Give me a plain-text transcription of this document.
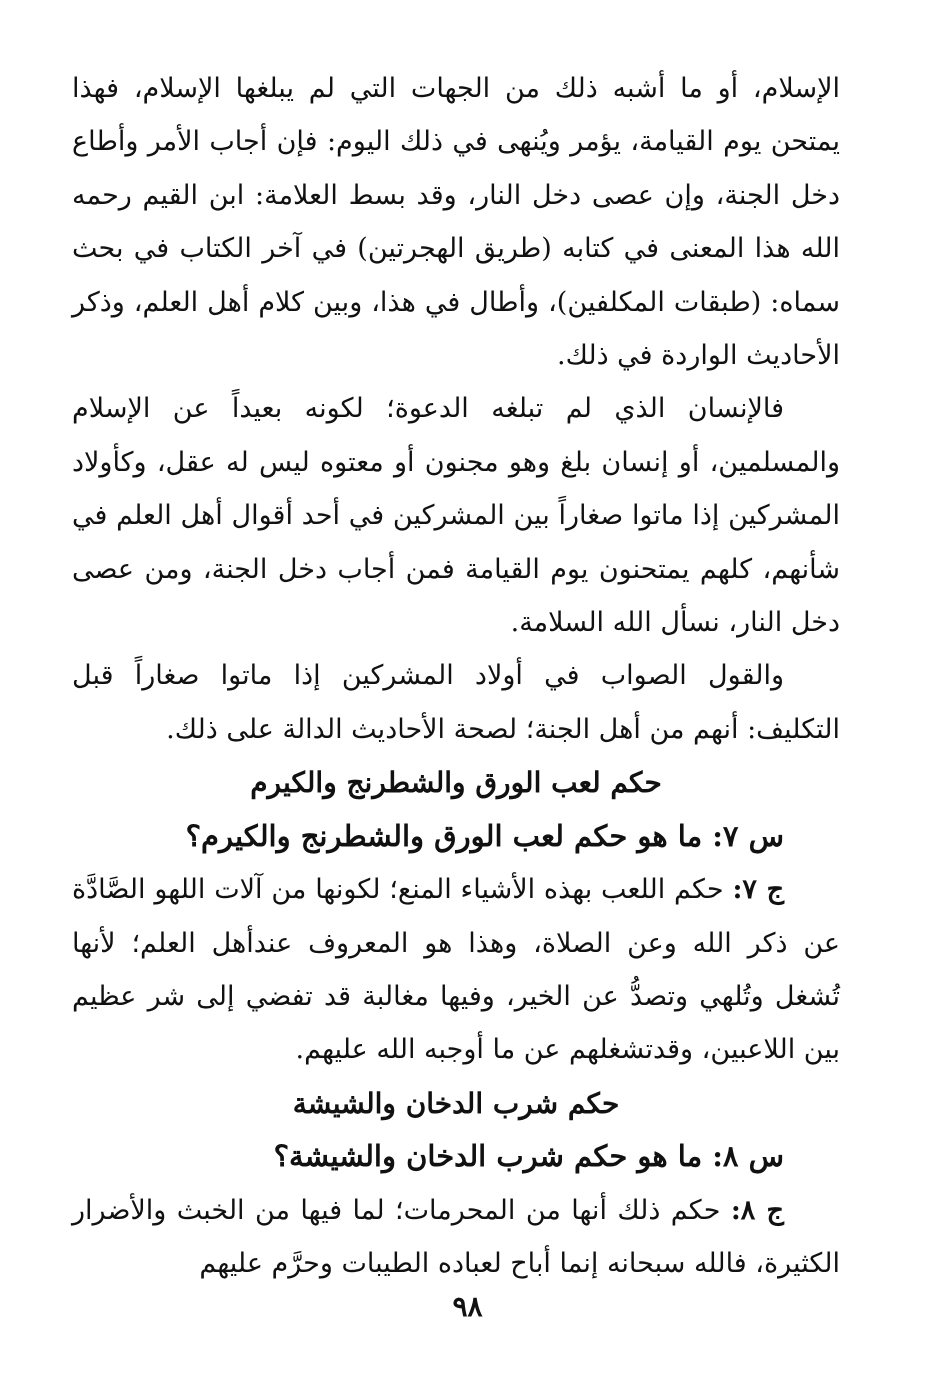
الإسلام، أو ما أشبه ذلك من الجهات التي لم يبلغها الإسلام، فهذا يمتحن يوم القيامة، يؤمر ويُنهى في ذلك اليوم: فإن أجاب الأمر وأطاع دخل الجنة، وإن عصى دخل النار، وقد بسط العلامة: ابن القيم رحمه الله هذا المعنى في كتابه (طريق الهجرتين) في آخر الكتاب في بحث سماه: (طبقات المكلفين)، وأطال في هذا، وبين كلام أهل العلم، وذكر الأحاديث الواردة في ذلك.

فالإنسان الذي لم تبلغه الدعوة؛ لكونه بعيداً عن الإسلام والمسلمين، أو إنسان بلغ وهو مجنون أو معتوه ليس له عقل، وكأولاد المشركين إذا ماتوا صغاراً بين المشركين في أحد أقوال أهل العلم في شأنهم، كلهم يمتحنون يوم القيامة فمن أجاب دخل الجنة، ومن عصى دخل النار، نسأل الله السلامة.

والقول الصواب في أولاد المشركين إذا ماتوا صغاراً قبل التكليف: أنهم من أهل الجنة؛ لصحة الأحاديث الدالة على ذلك.

حكم لعب الورق والشطرنج والكيرم

س ٧: ما هو حكم لعب الورق والشطرنج والكيرم؟

ج ٧: حكم اللعب بهذه الأشياء المنع؛ لكونها من آلات اللهو الصَّادَّة عن ذكر الله وعن الصلاة، وهذا هو المعروف عندأهل العلم؛ لأنها تُشغل وتُلهي وتصدُّ عن الخير، وفيها مغالبة قد تفضي إلى شر عظيم بين اللاعبين، وقدتشغلهم عن ما أوجبه الله عليهم.

حكم شرب الدخان والشيشة

س ٨: ما هو حكم شرب الدخان والشيشة؟

ج ٨: حكم ذلك أنها من المحرمات؛ لما فيها من الخبث والأضرار الكثيرة، فالله سبحانه إنما أباح لعباده الطيبات وحرَّم عليهم

٩٨
